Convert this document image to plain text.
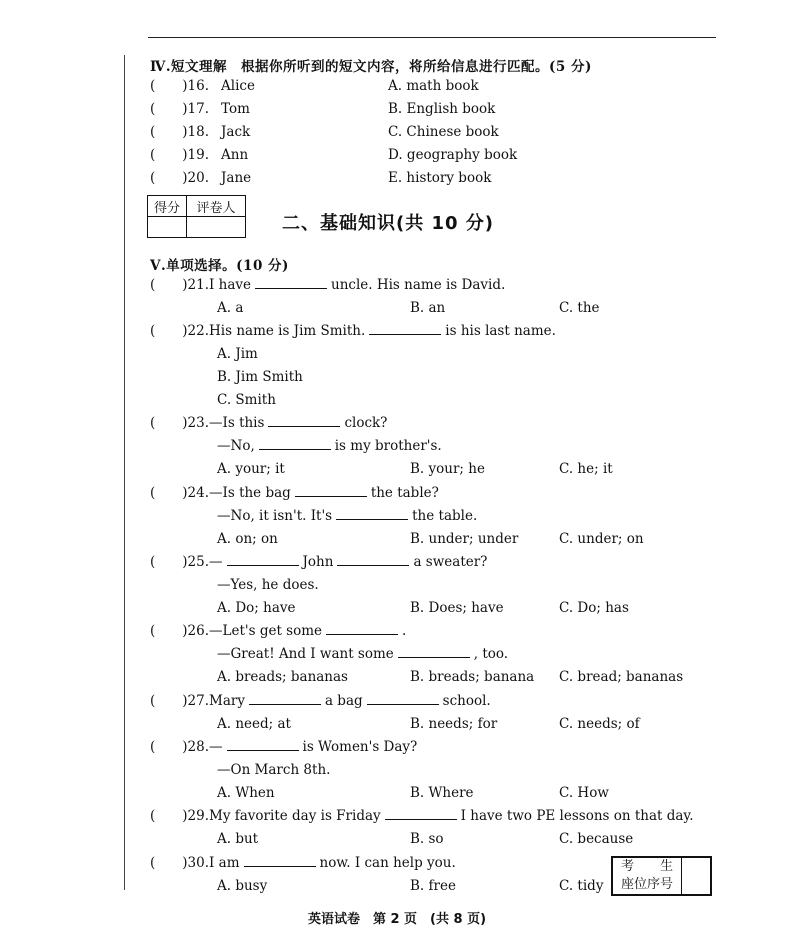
Ⅳ.短文理解　根据你所听到的短文内容，将所给信息进行匹配。(5 分)
(　　)16. Alice	A. math book
(　　)17. Tom	B. English book
(　　)18. Jack	C. Chinese book
(　　)19. Ann	D. geography book
(　　)20. Jane	E. history book
得分	评卷人

二、基础知识(共 10 分)
Ⅴ.单项选择。(10 分)
(　　)21.I have	uncle. His name is David.
A. a	B. an	C. the
(　　)22.His name is Jim Smith.	is his last name.
A. Jim
B. Jim Smith
C. Smith
(　　)23.—Is this	clock?
—No,	is my brother's.
A. your; it	B. your; he	C. he; it
(　　)24.—Is the bag	the table?
—No, it isn't. It's	the table.
A. on; on	B. under; under	C. under; on
(　　)25.—	John	a sweater?
—Yes, he does.
A. Do; have	B. Does; have	C. Do; has
(　　)26.—Let's get some	.
—Great! And I want some	, too.
A. breads; bananas	B. breads; banana C. bread; bananas
(　　)27.Mary	a bag	school.
A. need; at	B. needs; for	C. needs; of
(　　)28.—	is Women's Day?
—On March 8th.
A. When	B. Where	C. How
(　　)29.My favorite day is Friday	I have two PE lessons on that day.
A. but	B. so	C. because
(　　)30.I am	now. I can help you.
A. busy	B. free	C. tidy
考　　生
座位序号
英语试卷　第 2 页　(共 8 页)
